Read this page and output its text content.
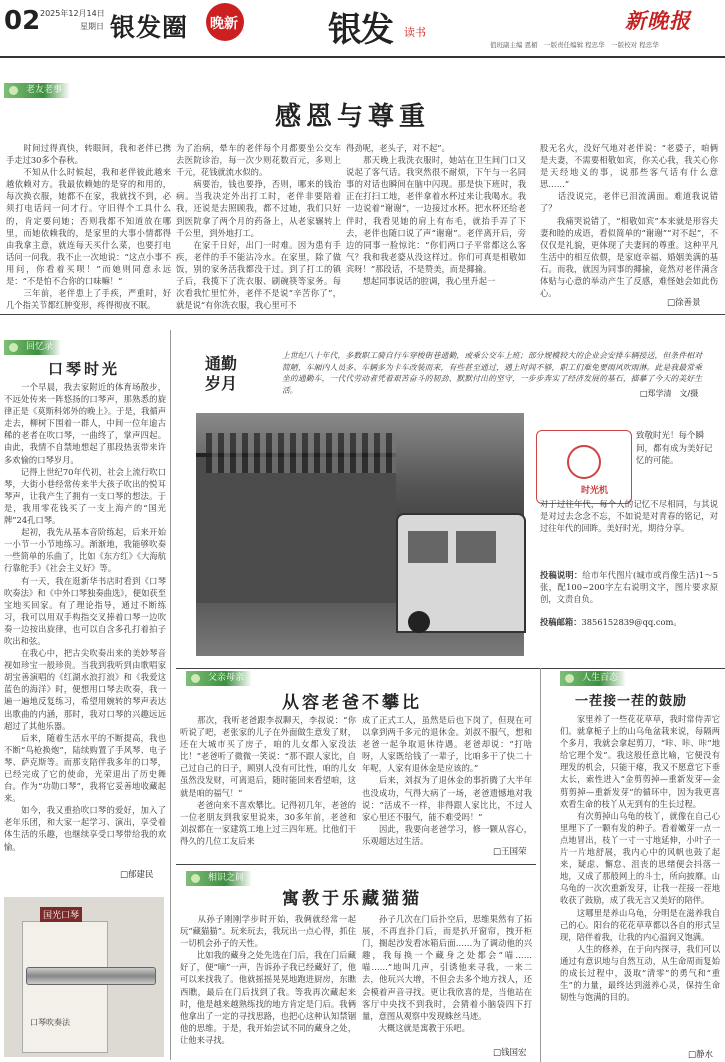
02 2025年12月14日
星期日 银发圈 晚新	银发 读书	新晚报
值班副主编 恩楣　一版责任编辑 程忠华　一版校对 程忠华
老友老事
感恩与尊重
　　时间过得真快，转眼间，我和老伴已携手走过30多个春秋。
　　不知从什么时候起，我和老伴彼此越来越依赖对方。我最依赖她的是穿的和用的，每次换衣服，她都不在家，我就找不到，必须打电话问一问才行。守旧得个工具什么的，肯定要问她；否则我都不知道放在哪里，而她依赖我的，是家里的大事小情都得由我拿主意，就连每天买什么菜，也要打电话问一问我。我不止一次地说：“这点小事不用问，你看着买呗！”而她则同意永远是：“不是怕不合你的口味嘛！”
　　三年前，老伴患上了手疾，严重时，好几个指关节都红肿变形，疼得彻夜不眠。
为了治病，晕车的老伴每个月都要坐公交车去医院诊治，每一次少则花数百元，多则上千元，花钱就流水似的。
　　病要治，钱也要挣，否则，哪来的钱治病。当我决定外出打工时，老伴非要陪着我，还说是去照顾我，都不过她，我们只好到医院拿了两个月的药备上，从老家辗转上千公里，到外地打工。
　　在家千日好，出门一时难。因为患有手疾，老伴的手不能沾冷水。在家里，除了做饭，别的家务活我都没干过。到了打工的镇子后，我揽下了洗衣服、刷碗筷等家务。每次看我忙里忙外，老伴不是说“辛苦你了”，就是说“有你洗衣服，我心里可不
得劲呢，老头子，对不起”。
　　那天晚上我洗衣服时，她站在卫生间门口又说起了客气话。我突然很不耐烦，下午与一名同事的对话也瞬间在脑中闪现。那是快下班时，我正在打扫工地，老伴拿着水杯过来让我喝水。我一边说着“谢谢”，一边接过水杯。把水杯还给老伴时，我看见她的肩上有布毛，就抬手弄了下去，老伴也随口说了声“谢谢”。老伴离开后，旁边的同事一脸惊诧：“你们两口子平常都这么客气？我和我老婆从没这样过。你们可真是相敬如宾呀！”那段话，不是赞美，而是揶揄。
　　想起同事说话的腔调，我心里升起一
股无名火，没好气地对老伴说：“老婆子，咱俩是夫妻，不需要相敬如宾，你关心我，我关心你是天经地义的事，说那些客气话有什么意思……”
　　话没说完，老伴已泪流满面。难道我说错了？
　　我痛哭说错了，“相敬如宾”本来就是形容夫妻和睦的成语，看似简单的“谢谢”“对不起”，不仅仅是礼貌，更体现了夫妻间的尊重。这种平凡生活中的相互依偎，是家庭幸福、婚姻美满的基石。而我，就因为同事的揶揄，竟然对老伴满含体贴与心意的举动产生了反感，难怪她会如此伤心。
□徐善景
回忆录
口琴时光
　　一个早晨，我去家附近的体育场散步，不远处传来一阵悠扬的口琴声，那熟悉的旋律正是《莫斯科郊外的晚上》。于是，我循声走去，柳树下围着一群人，中间一位年逾古稀的老者在吹口琴，一曲终了，掌声四起。由此，我情不自禁地想起了那段热衷带来许多欢愉的口琴岁月。
　　记得上世纪70年代初，社会上流行吹口琴，大街小巷经常传来半大孩子吹出的悦耳琴声，让我产生了拥有一支口琴的想法。于是，我用零花钱买了一支上海产的“国光牌”24孔口琴。
　　起初，我先从基本音阶练起，后来开始一小节一小节地练习。渐渐地，我能够吹奏一些简单的乐曲了，比如《东方红》《大海航行靠舵手》《社会主义好》等。
　　有一天，我在逛新华书店时看到《口琴吹奏法》和《中外口琴独奏曲选》，便如获至宝地买回家。有了理论指导，通过不断练习，我可以用双手构指交叉捧着口琴一边吹奏一边按出旋律，也可以自含多孔打着拍子吹出和弦。
　　在我心中，把古尖吹奏出来的美妙琴音视如珍宝一般珍贵。当我到我听到由歌唱家胡宝善演唱的《红湖水浪打浪》和《我爱这蓝色的海洋》时，便想用口琴去吹奏，我一遍一遍地反复练习，希望用婉转的琴声表达出歌曲的内涵，那时，我对口琴的兴趣远远超过了其他乐器。
　　后来，随着生活水平的不断提高，我也不断“鸟枪换炮”，陆续购置了手风琴、电子琴、萨克斯等。而那支陪伴我多年的口琴，已经完成了它的使命，光荣退出了历史舞台。作为“功勋口琴”，我将它妥善地收藏起来。
　　如今，我又重拾吹口琴的爱好，加入了老年乐团，和大家一起学习、演出，享受着体生活的乐趣，也继续享受口琴带给我的欢愉。
□郁建民
国光口琴
口琴吹奏法
通勤岁月
上世纪八十年代，多数职工骑自行车穿梭街巷通勤，或乘公交车上班；部分规模较大的企业会安排车辆接送，但条件相对简陋，车厢内人员多、车辆多为卡车改装而来，有些甚至通过，遇上时间不够，职工们难免要雨风吹雨淋。此是我最常乘坐的通勤车，一代代劳动者凭着艰苦奋斗的韧劲、默默付出的坚守，一步步奔实了经济发展的基石，描摹了今天的美好生活。	□郑学清　文/摄
致敬时光！每个瞬间，都有成为美好记忆的可能。
时光机
对于过往年代，每个人的记忆不尽相同，与其说是对过去念念不忘，不如说是对青春的铭记，对过往年代的回眸。美好时光，期待分享。

投稿说明：给市年代图片(城市或肖像生活)1～5张，配100~200字左右说明文字，图片要求原创，文责自负。

投稿邮箱：3856152839@qq.com。

父亲母亲
从容老爸不攀比
　　那次，我听老爸跟李叔聊天，李叔说：“你听说了吧，老张家的儿子在外面做生意发了财，还在大城市买了房子，咱的儿女都入家没法比！”老爸听了微微一笑说：“那不跟人家比，自己过自己的日子，顾别人没有可比性，咱的儿女虽然没发财，可离退后，随时能回来看望咱，这就是咱的福气！”
　　老爸向来不喜欢攀比。记得初几年，老爸的一位老朋友到我家里说来，30多年前，老爸和刘叔都在一家建筑工地上过三四年班。比他们干得久的几位工友后来
成了正式工人，虽然是后也下岗了，但现在可以拿到两千多元的退休金。刘叔不服气，想和老爸一起争取退休待遇。老爸却说：“打啥呀，人家既给钱了一辈子，比咱多干了快二十年呢，人家有退休金是应该的。”
　　后来，刘叔为了退休金的事折腾了大半年也没成功，气得大病了一场，老爸遗憾地对我说：“活成不一样，非得跟人家比比，不过人家心里还不服气，能不难受吗！”
　　因此，我要向老爸学习，修一颗从容心，乐观超达过生活。
□王国荣
人生百态
一茬接一茬的鼓励
　　家里养了一些花花草草，我时常侍弄它们。就拿栀子上的山乌龟盆栽来说，每隔两个多月，我就会拿起剪刀，“咔、咔、咔”地给它理个发”。我这般任意比喻，它便没有理发的机会，只能干瘪，我又不愿意它下垂太长，索性进入“金剪剪掉—重新发芽—金剪剪掉—重新发芽”的循环中，因为我更喜欢看生命的枝丫从无到有的生长过程。
　　有次剪掉山乌龟的枝丫，就像在自己心里埋下了一颗有发的种子。看着嫩芽一点一点地冒出，枝丫一寸一寸地延伸，小叶子一片一片地舒展，我内心中的风帆也鼓了起来，疑虑、懈怠、沮丧的思绪便会抖落一地，又成了那般网上的斗士，所向披靡。山乌龟的一次次重新发芽，让我一茬接一茬地收获了鼓励，成了我无言又美好的陪伴。
　　这哪里是养山乌龟，分明是在滋养我自己的心。阳台的花花草草都以各自的形式呈现，陪伴着我，让我的内心温润又饱满。
　　人生的修养，在于向内探寻，我们可以通过有意识地与自然互动，从生命周而复始的成长过程中，汲取“清零”的勇气和“重生”的力量，最终达到滋养心灵，保持生命韧性与饱满的目的。
□静水
相识之间
寓教于乐藏猫猫
　　从孙子刚刚学步时开始，我俩就经常一起玩“藏猫猫”。玩来玩去，我玩出一点心得，抓住一切机会孙子的天性。
　　比如我的藏身之处先选在门后，我在门后藏好了，便“嘀”一声，告诉孙子我已经藏好了，他可以来找我了。他就摇摇晃晃地跑进厨房，东瞧西瞧，最后在门后找到了我。等我再次藏起来时，他是越来越熟练找的地方肯定是门后。我俩他拿出了一定的寻找思路，也把心这种认知禁锢他的思维。于是，我开始尝试不同的藏身之处，让他来寻找。
　　孙子几次在门后扑空后，思维果然有了拓展，不再直扑门后，而是扒开窗帘，拽开柜门，搁起沙发看冰箱后面……为了调动他的兴趣，我每换一个藏身之处都会“喵……喵……”地叫几声，引诱他来寻我，一来二去，他玩兴大增，不但会去多个地方找人，还会模着声音寻找。更让我欣喜的是，当他站在客厅中央找不到我时，会猜着小脑袋四下打量，意图从观察中发现蛛丝马迹。
　　大概这就是寓教于乐吧。
□钱国宏
